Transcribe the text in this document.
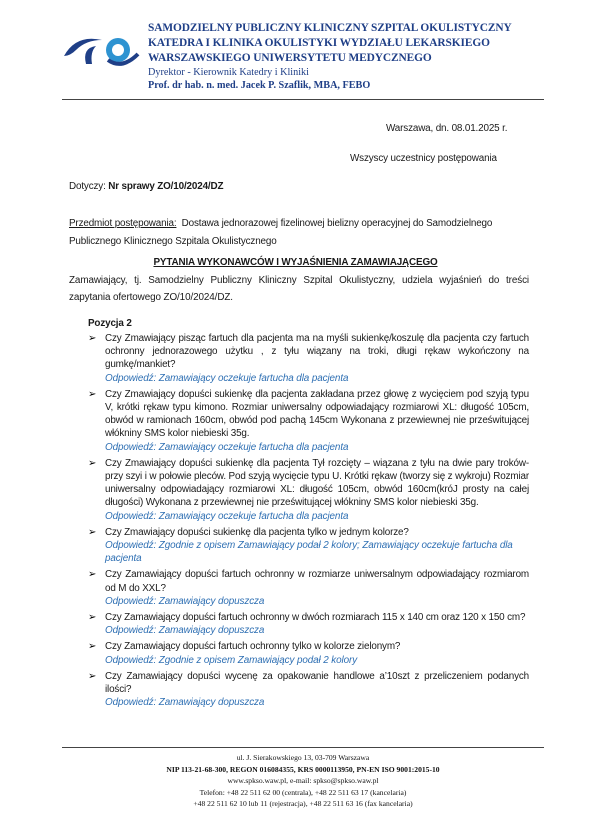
SAMODZIELNY PUBLICZNY KLINICZNY SZPITAL OKULISTYCZNY
KATEDRA I KLINIKA OKULISTYKI WYDZIAŁU LEKARSKIEGO
WARSZAWSKIEGO UNIWERSYTETU MEDYCZNEGO
Dyrektor - Kierownik Katedry i Kliniki
Prof. dr hab. n. med. Jacek P. Szaflik, MBA, FEBO
Warszawa, dn. 08.01.2025 r.
Wszyscy uczestnicy postępowania
Dotyczy: Nr sprawy ZO/10/2024/DZ
Przedmiot postępowania: Dostawa jednorazowej fizelinowej bielizny operacyjnej do Samodzielnego
Publicznego Klinicznego Szpitala Okulistycznego
PYTANIA WYKONAWCÓW I WYJAŚNIENIA ZAMAWIAJĄCEGO
Zamawiający, tj. Samodzielny Publiczny Kliniczny Szpital Okulistyczny, udziela wyjaśnień do treści zapytania ofertowego ZO/10/2024/DZ.
Pozycja 2
➢ Czy Zmawiający pisząc fartuch dla pacjenta ma na myśli sukienkę/koszulę dla pacjenta czy fartuch ochronny jednorazowego użytku , z tyłu wiązany na troki, długi rękaw wykończony na gumkę/mankiet?
Odpowiedź: Zamawiający oczekuje fartucha dla pacjenta
➢ Czy Zmawiający dopuści sukienkę dla pacjenta zakładana przez głowę z wycięciem pod szyją typu V, krótki rękaw typu kimono. Rozmiar uniwersalny odpowiadający rozmiarowi XL: długość 105cm, obwód w ramionach 160cm, obwód pod pachą 145cm Wykonana z przewiewnej nie prześwitującej włókniny SMS kolor niebieski 35g.
Odpowiedź: Zamawiający oczekuje fartucha dla pacjenta
➢ Czy Zmawiający dopuści sukienkę dla pacjenta Tył rozcięty – wiązana z tyłu na dwie pary troków- przy szyi i w połowie pleców. Pod szyją wycięcie typu U. Krótki rękaw (tworzy się z wykroju) Rozmiar uniwersalny odpowiadający rozmiarowi XL: długość 105cm, obwód 160cm(króJ prosty na całej długości) Wykonana z przewiewnej nie prześwitującej włókniny SMS kolor niebieski 35g.
Odpowiedź: Zamawiający oczekuje fartucha dla pacjenta
➢ Czy Zmawiający dopuści sukienkę dla pacjenta tylko w jednym kolorze?
Odpowiedź: Zgodnie z opisem Zamawiający podał 2 kolory; Zamawiający oczekuje fartucha dla pacjenta
➢ Czy Zamawiający dopuści fartuch ochronny w rozmiarze uniwersalnym odpowiadający rozmiarom od M do XXL?
Odpowiedź: Zamawiający dopuszcza
➢ Czy Zamawiający dopuści fartuch ochronny w dwóch rozmiarach 115 x 140 cm oraz 120 x 150 cm?
Odpowiedź: Zamawiający dopuszcza
➢ Czy Zamawiający dopuści fartuch ochronny tylko w kolorze zielonym?
Odpowiedź: Zgodnie z opisem Zamawiający podał 2 kolory
➢ Czy Zamawiający dopuści wycenę za opakowanie handlowe a’10szt z przeliczeniem podanych ilości?
Odpowiedź: Zamawiający dopuszcza
ul. J. Sierakowskiego 13, 03-709 Warszawa
NIP 113-21-68-300, REGON 016084355, KRS 0000113950, PN-EN ISO 9001:2015-10
www.spkso.waw.pl, e-mail: spkso@spkso.waw.pl
Telefon: +48 22 511 62 00 (centrala), +48 22 511 63 17 (kancelaria)
+48 22 511 62 10 lub 11 (rejestracja), +48 22 511 63 16 (fax kancelaria)
